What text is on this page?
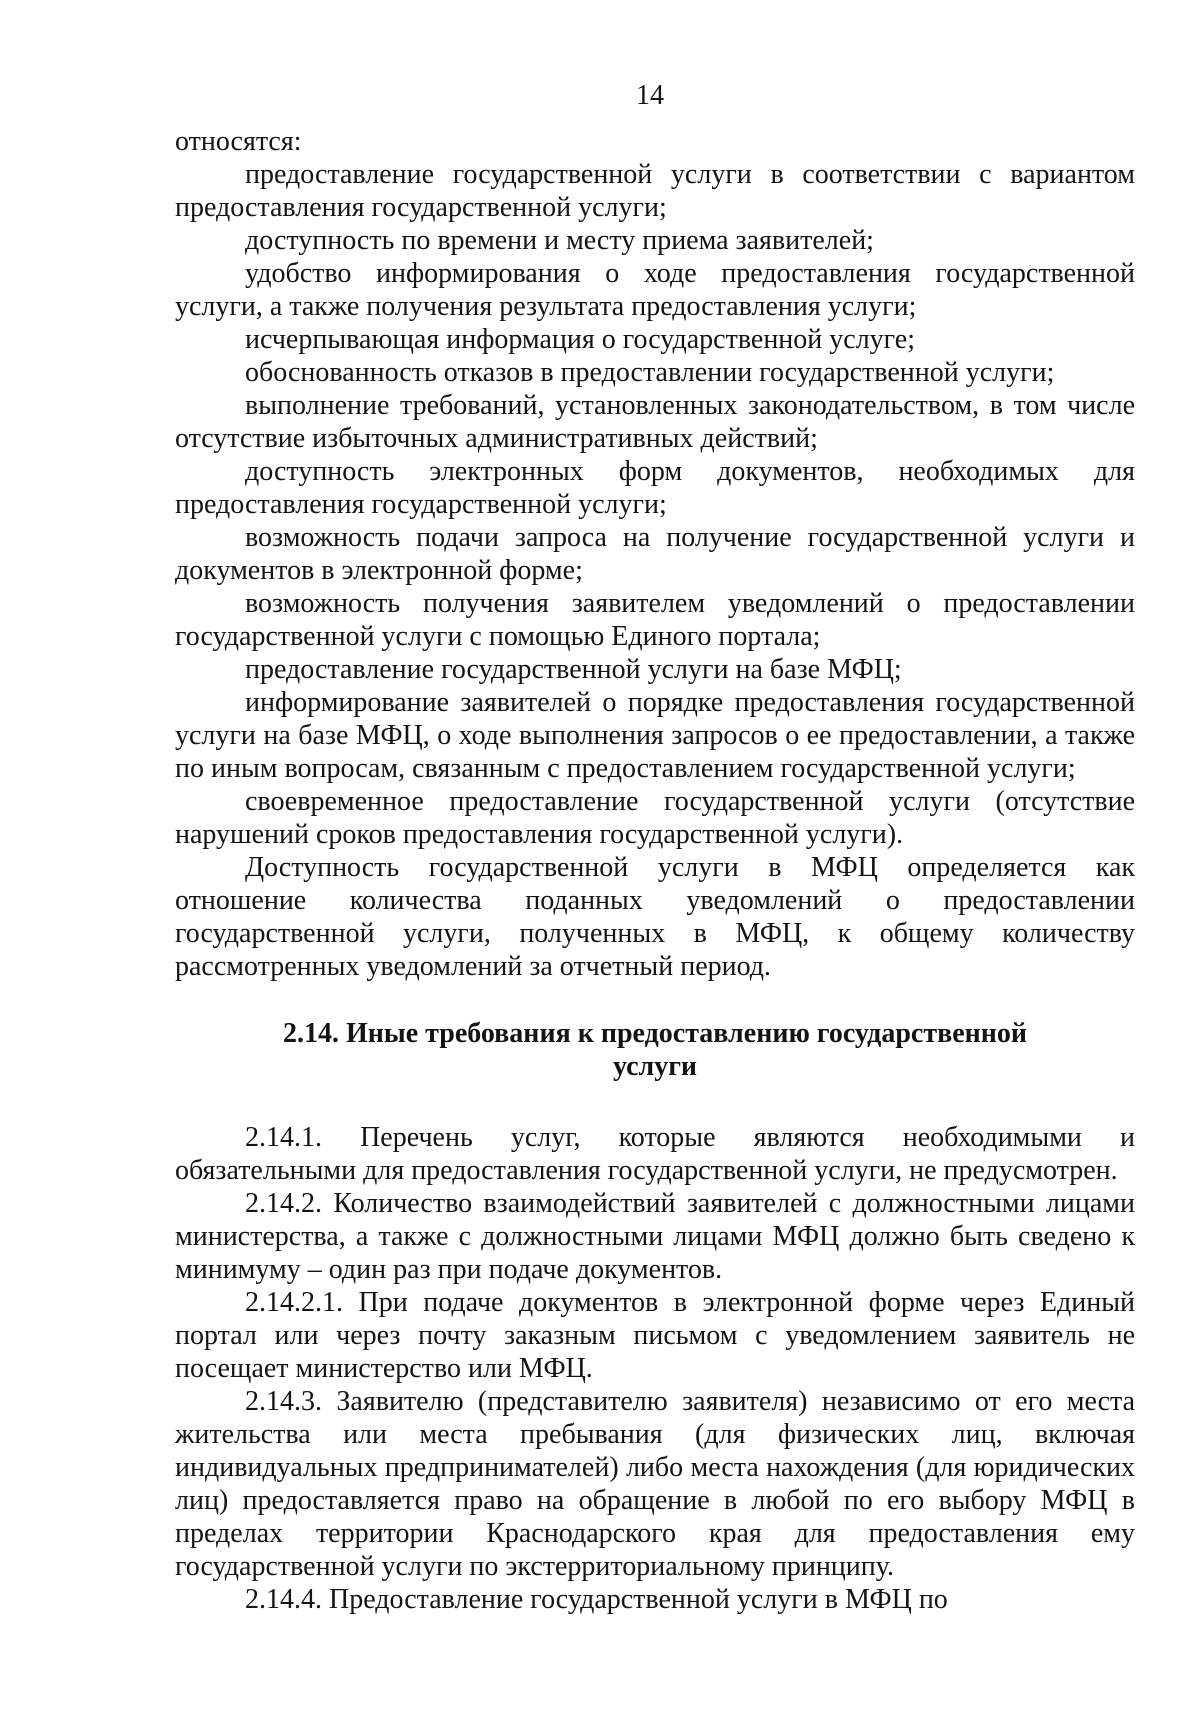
14

относятся:

предоставление государственной услуги в соответствии с вариантом предоставления государственной услуги;

доступность по времени и месту приема заявителей;

удобство информирования о ходе предоставления государственной услуги, а также получения результата предоставления услуги;

исчерпывающая информация о государственной услуге;

обоснованность отказов в предоставлении государственной услуги;

выполнение требований, установленных законодательством, в том числе отсутствие избыточных административных действий;

доступность электронных форм документов, необходимых для предоставления государственной услуги;

возможность подачи запроса на получение государственной услуги и документов в электронной форме;

возможность получения заявителем уведомлений о предоставлении государственной услуги с помощью Единого портала;

предоставление государственной услуги на базе МФЦ;

информирование заявителей о порядке предоставления государственной услуги на базе МФЦ, о ходе выполнения запросов о ее предоставлении, а также по иным вопросам, связанным с предоставлением государственной услуги;

своевременное предоставление государственной услуги (отсутствие нарушений сроков предоставления государственной услуги).

Доступность государственной услуги в МФЦ определяется как отношение количества поданных уведомлений о предоставлении государственной услуги, полученных в МФЦ, к общему количеству рассмотренных уведомлений за отчетный период.

2.14. Иные требования к предоставлению государственной
услуги

2.14.1. Перечень услуг, которые являются необходимыми и обязательными для предоставления государственной услуги, не предусмотрен.

2.14.2. Количество взаимодействий заявителей с должностными лицами министерства, а также с должностными лицами МФЦ должно быть сведено к минимуму – один раз при подаче документов.

2.14.2.1. При подаче документов в электронной форме через Единый портал или через почту заказным письмом с уведомлением заявитель не посещает министерство или МФЦ.

2.14.3. Заявителю (представителю заявителя) независимо от его места жительства или места пребывания (для физических лиц, включая индивидуальных предпринимателей) либо места нахождения (для юридических лиц) предоставляется право на обращение в любой по его выбору МФЦ в пределах территории Краснодарского края для предоставления ему государственной услуги по экстерриториальному принципу.

2.14.4. Предоставление государственной услуги в МФЦ по
